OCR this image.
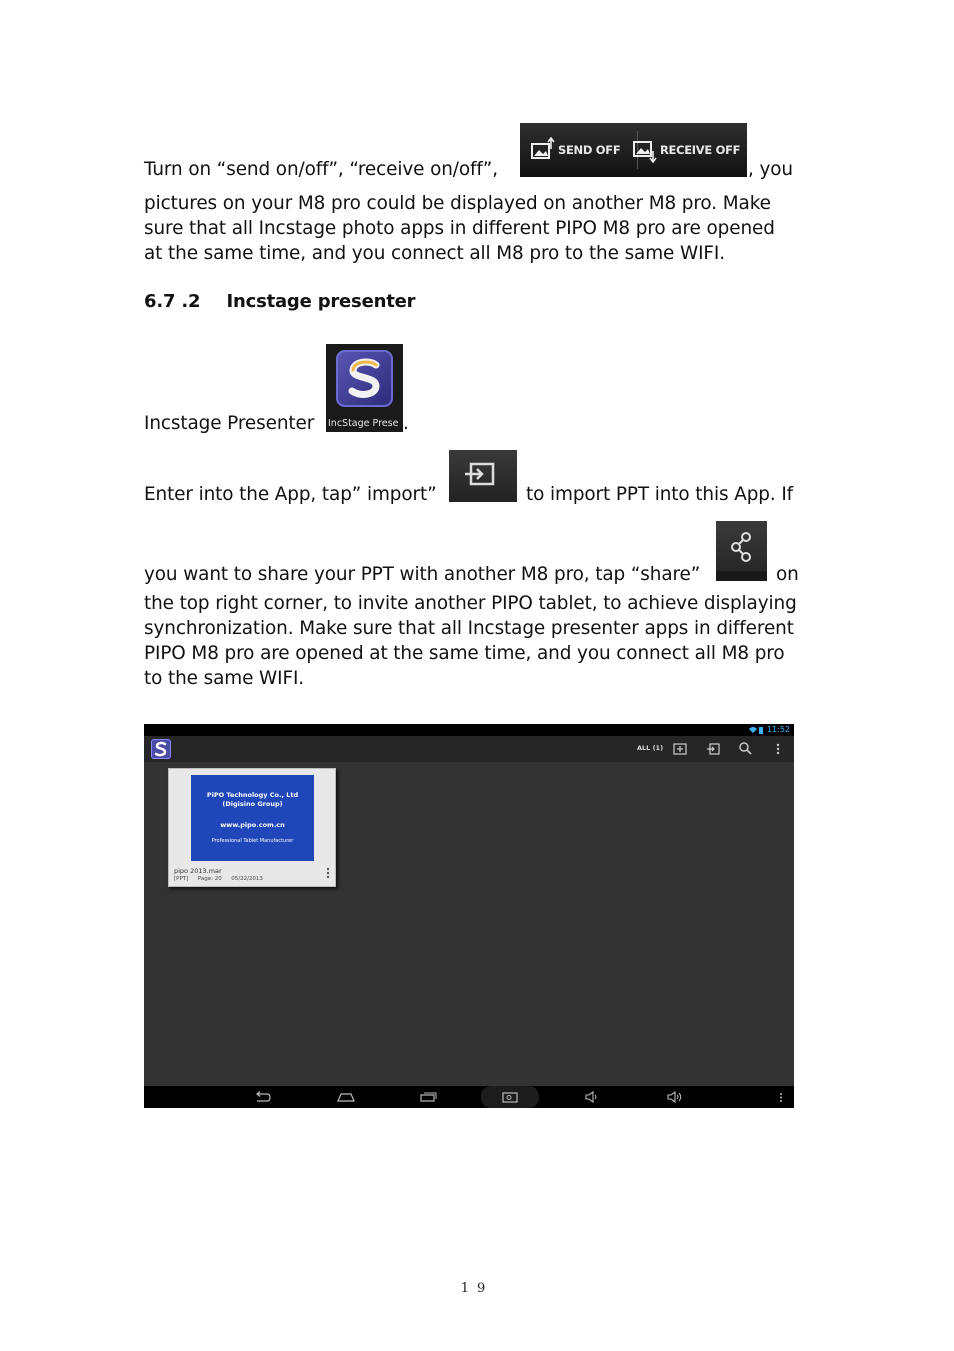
Turn on “send on/off”, “receive on/off”,
SEND OFF	RECEIVE OFF
, you
pictures on your M8 pro could be displayed on another M8 pro. Make
sure that all Incstage photo apps in different PIPO M8 pro are opened
at the same time, and you connect all M8 pro to the same WIFI.
6.7 .2 Incstage presenter
Incstage Presenter IncStage Prese .
Enter into the App, tap” import”	to import PPT into this App. If
you want to share your PPT with another M8 pro, tap “share”	on
the top right corner, to invite another PIPO tablet, to achieve displaying
synchronization. Make sure that all Incstage presenter apps in different
PIPO M8 pro are opened at the same time, and you connect all M8 pro
to the same WIFI.
11:52
ALL (1)
PiPO Technology Co., Ltd
(Digisino Group)
www.pipo.com.cn
Professional Tablet Manufacturer
pipo 2013.mar
[PPT] Page: 20 05/22/2013
19
